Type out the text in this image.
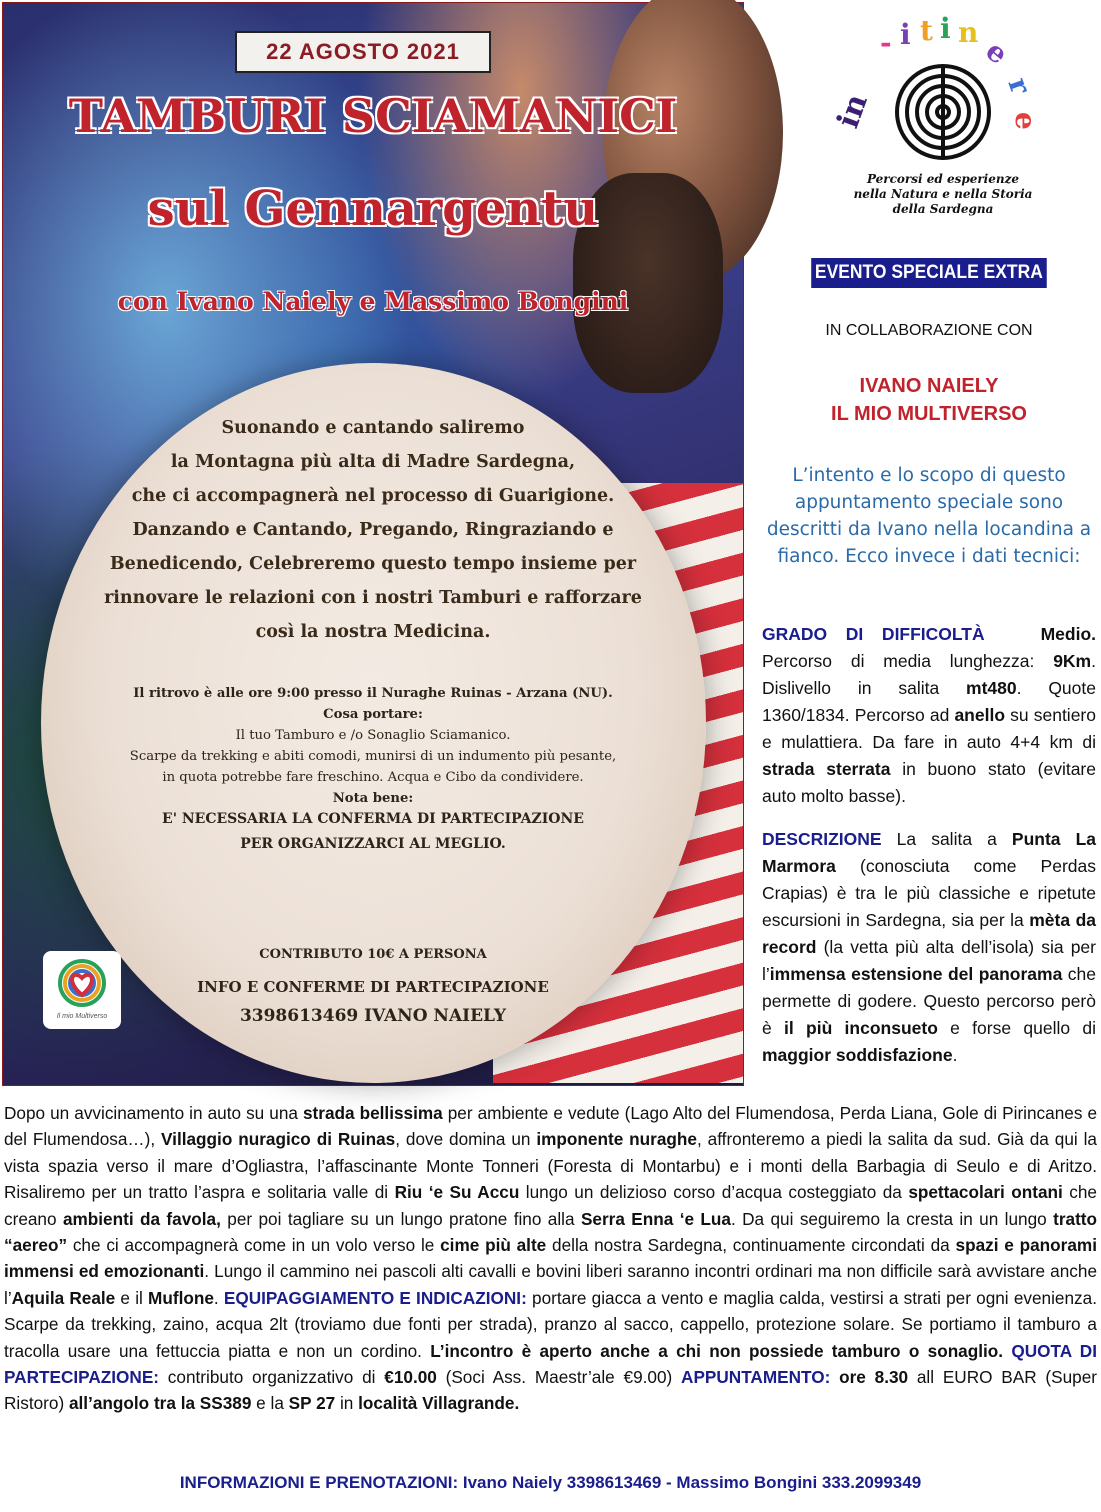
22 AGOSTO 2021
TAMBURI SCIAMANICI
sul Gennargentu
con Ivano Naiely e Massimo Bongini
Suonando e cantando saliremo
la Montagna più alta di Madre Sardegna,
che ci accompagnerà nel processo di Guarigione.
Danzando e Cantando, Pregando, Ringraziando e
Benedicendo, Celebreremo questo tempo insieme per
rinnovare le relazioni con i nostri Tamburi e rafforzare
così la nostra Medicina.
Il ritrovo è alle ore 9:00 presso il Nuraghe Ruinas - Arzana (NU).
Cosa portare:
Il tuo Tamburo e /o Sonaglio Sciamanico.
Scarpe da trekking e abiti comodi, munirsi di un indumento più pesante,
in quota potrebbe fare freschino. Acqua e Cibo da condividere.
Nota bene:
E' NECESSARIA LA CONFERMA DI PARTECIPAZIONE
PER ORGANIZZARCI AL MEGLIO.
Il mio Multiverso
CONTRIBUTO 10€ A PERSONA
INFO E CONFERME DI PARTECIPAZIONE
3398613469 IVANO NAIELY
in
- i t i n
e
r
e
Percorsi ed esperienze
nella Natura e nella Storia
della Sardegna
EVENTO SPECIALE EXTRA
IN COLLABORAZIONE CON
IVANO NAIELY
IL MIO MULTIVERSO
L’intento e lo scopo di questo appuntamento speciale sono descritti da Ivano nella locandina a fianco. Ecco invece i dati tecnici:
GRADO DI DIFFICOLTÀ	Medio. Percorso di media lunghezza: 9Km. Dislivello in salita mt480. Quote 1360/1834. Percorso ad anello su sentiero e mulattiera. Da fare in auto 4+4 km di strada sterrata in buono stato (evitare auto molto basse).
DESCRIZIONE La salita a Punta La Marmora (conosciuta come Perdas Crapias) è tra le più classiche e ripetute escursioni in Sardegna, sia per la mèta da record (la vetta più alta dell’isola) sia per l’immensa estensione del panorama che permette di godere. Questo percorso però è il più inconsueto e forse quello di maggior soddisfazione.
Dopo un avvicinamento in auto su una strada bellissima per ambiente e vedute (Lago Alto del Flumendosa, Perda Liana, Gole di Pirincanes e del Flumendosa…), Villaggio nuragico di Ruinas, dove domina un imponente nuraghe, affronteremo a piedi la salita da sud. Già da qui la vista spazia verso il mare d’Ogliastra, l’affascinante Monte Tonneri (Foresta di Montarbu) e i monti della Barbagia di Seulo e di Aritzo. Risaliremo per un tratto l’aspra e solitaria valle di Riu ‘e Su Accu lungo un delizioso corso d’acqua costeggiato da spettacolari ontani che creano ambienti da favola, per poi tagliare su un lungo pratone fino alla Serra Enna ‘e Lua. Da qui seguiremo la cresta in un lungo tratto “aereo” che ci accompagnerà come in un volo verso le cime più alte della nostra Sardegna, continuamente circondati da spazi e panorami immensi ed emozionanti. Lungo il cammino nei pascoli alti cavalli e bovini liberi saranno incontri ordinari ma non difficile sarà avvistare anche l’Aquila Reale e il Muflone. EQUIPAGGIAMENTO E INDICAZIONI: portare giacca a vento e maglia calda, vestirsi a strati per ogni evenienza. Scarpe da trekking, zaino, acqua 2lt (troviamo due fonti per strada), pranzo al sacco, cappello, protezione solare. Se portiamo il tamburo a tracolla usare una fettuccia piatta e non un cordino. L’incontro è aperto anche a chi non possiede tamburo o sonaglio. QUOTA DI PARTECIPAZIONE: contributo organizzativo di €10.00 (Soci Ass. Maestr’ale €9.00) APPUNTAMENTO: ore 8.30 all EURO BAR (Super Ristoro) all’angolo tra la SS389 e la SP 27 in località Villagrande.
INFORMAZIONI E PRENOTAZIONI: Ivano Naiely 3398613469 - Massimo Bongini 333.2099349
